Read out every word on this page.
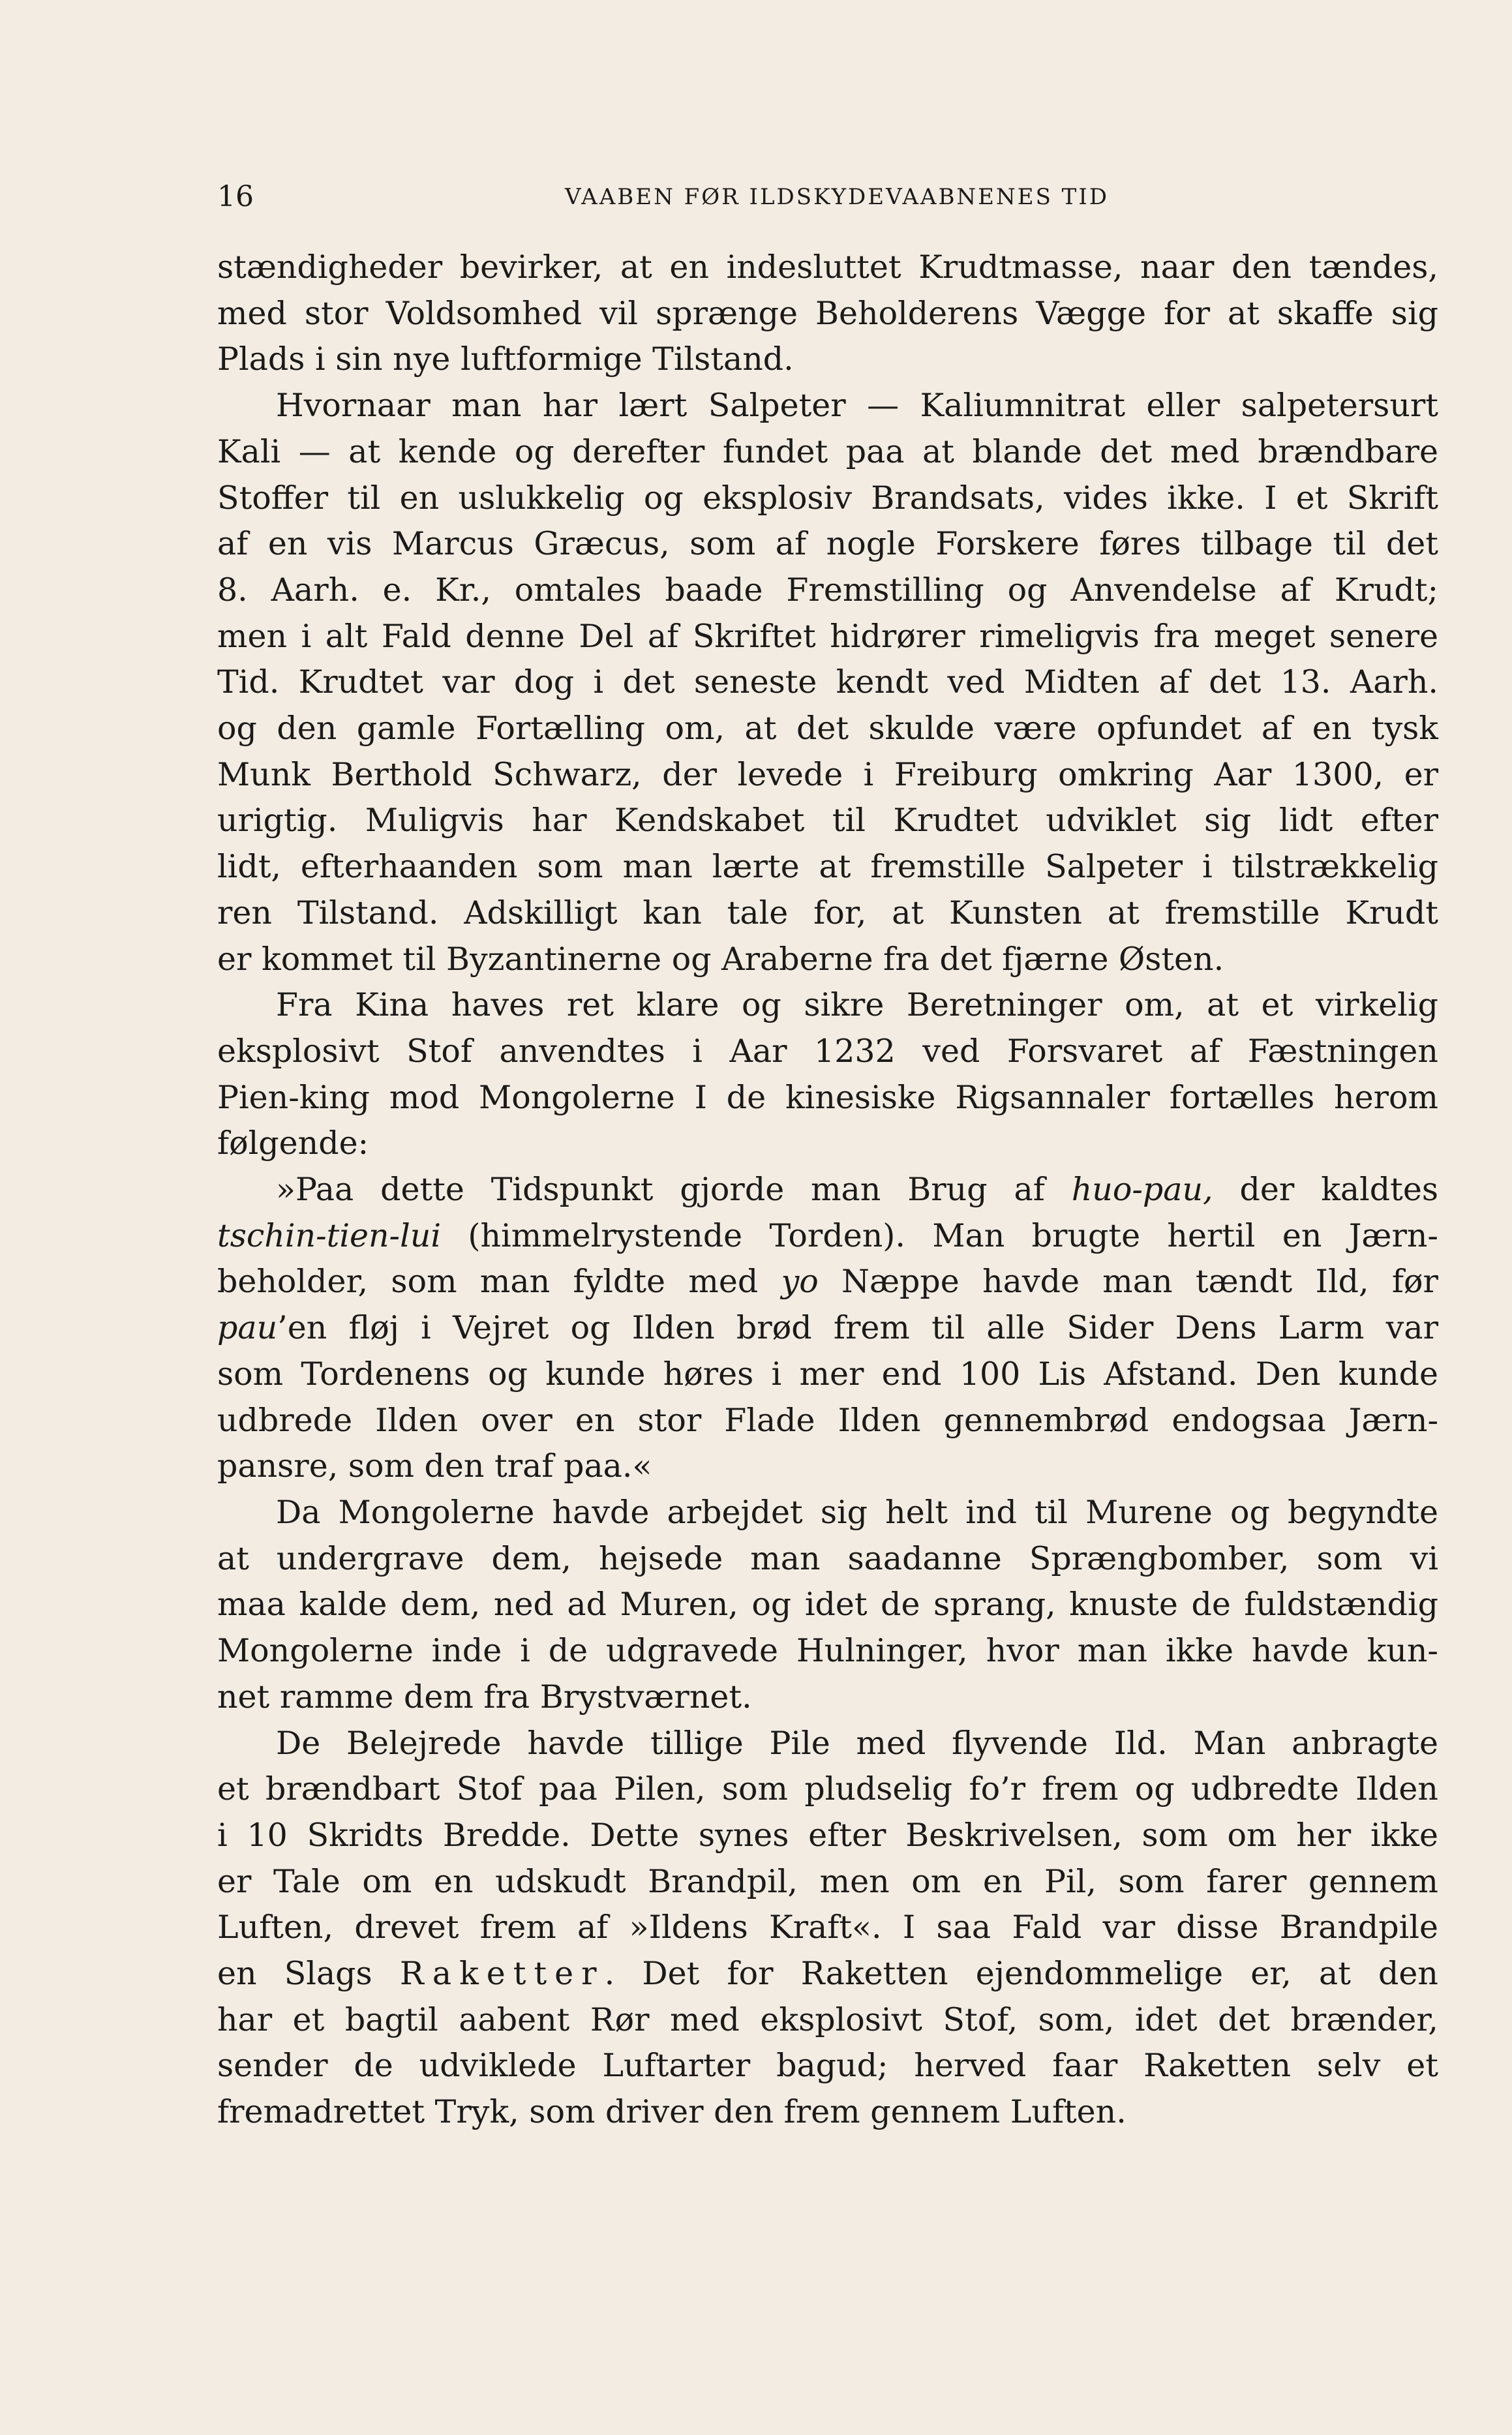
16	VAABEN FØR ILDSKYDEVAABNENES TID

stændigheder bevirker, at en indesluttet Krudtmasse, naar den tændes,

med stor Voldsomhed vil sprænge Beholderens Vægge for at skaffe sig

Plads i sin nye luftformige Tilstand.

Hvornaar man har lært Salpeter — Kaliumnitrat eller salpetersurt

Kali — at kende og derefter fundet paa at blande det med brændbare

Stoffer til en uslukkelig og eksplosiv Brandsats, vides ikke. I et Skrift

af en vis Marcus Græcus, som af nogle Forskere føres tilbage til det

8. Aarh. e. Kr., omtales baade Fremstilling og Anvendelse af Krudt;

men i alt Fald denne Del af Skriftet hidrører rimeligvis fra meget senere

Tid. Krudtet var dog i det seneste kendt ved Midten af det 13. Aarh.

og den gamle Fortælling om, at det skulde være opfundet af en tysk

Munk Berthold Schwarz, der levede i Freiburg omkring Aar 1300, er

urigtig. Muligvis har Kendskabet til Krudtet udviklet sig lidt efter

lidt, efterhaanden som man lærte at fremstille Salpeter i tilstrækkelig

ren Tilstand. Adskilligt kan tale for, at Kunsten at fremstille Krudt

er kommet til Byzantinerne og Araberne fra det fjærne Østen.

Fra Kina haves ret klare og sikre Beretninger om, at et virkelig

eksplosivt Stof anvendtes i Aar 1232 ved Forsvaret af Fæstningen

Pien-king mod Mongolerne I de kinesiske Rigsannaler fortælles herom

følgende:

»Paa dette Tidspunkt gjorde man Brug af huo-pau, der kaldtes

tschin-tien-lui (himmelrystende Torden). Man brugte hertil en Jærn-

beholder, som man fyldte med yo Næppe havde man tændt Ild, før

pau’en fløj i Vejret og Ilden brød frem til alle Sider Dens Larm var

som Tordenens og kunde høres i mer end 100 Lis Afstand. Den kunde

udbrede Ilden over en stor Flade Ilden gennembrød endogsaa Jærn-

pansre, som den traf paa.«

Da Mongolerne havde arbejdet sig helt ind til Murene og begyndte

at undergrave dem, hejsede man saadanne Sprængbomber, som vi

maa kalde dem, ned ad Muren, og idet de sprang, knuste de fuldstændig

Mongolerne inde i de udgravede Hulninger, hvor man ikke havde kun-

net ramme dem fra Brystværnet.

De Belejrede havde tillige Pile med flyvende Ild. Man anbragte

et brændbart Stof paa Pilen, som pludselig fo’r frem og udbredte Ilden

i 10 Skridts Bredde. Dette synes efter Beskrivelsen, som om her ikke

er Tale om en udskudt Brandpil, men om en Pil, som farer gennem

Luften, drevet frem af »Ildens Kraft«. I saa Fald var disse Brandpile

en Slags Raketter. Det for Raketten ejendommelige er, at den

har et bagtil aabent Rør med eksplosivt Stof, som, idet det brænder,

sender de udviklede Luftarter bagud; herved faar Raketten selv et

fremadrettet Tryk, som driver den frem gennem Luften.
